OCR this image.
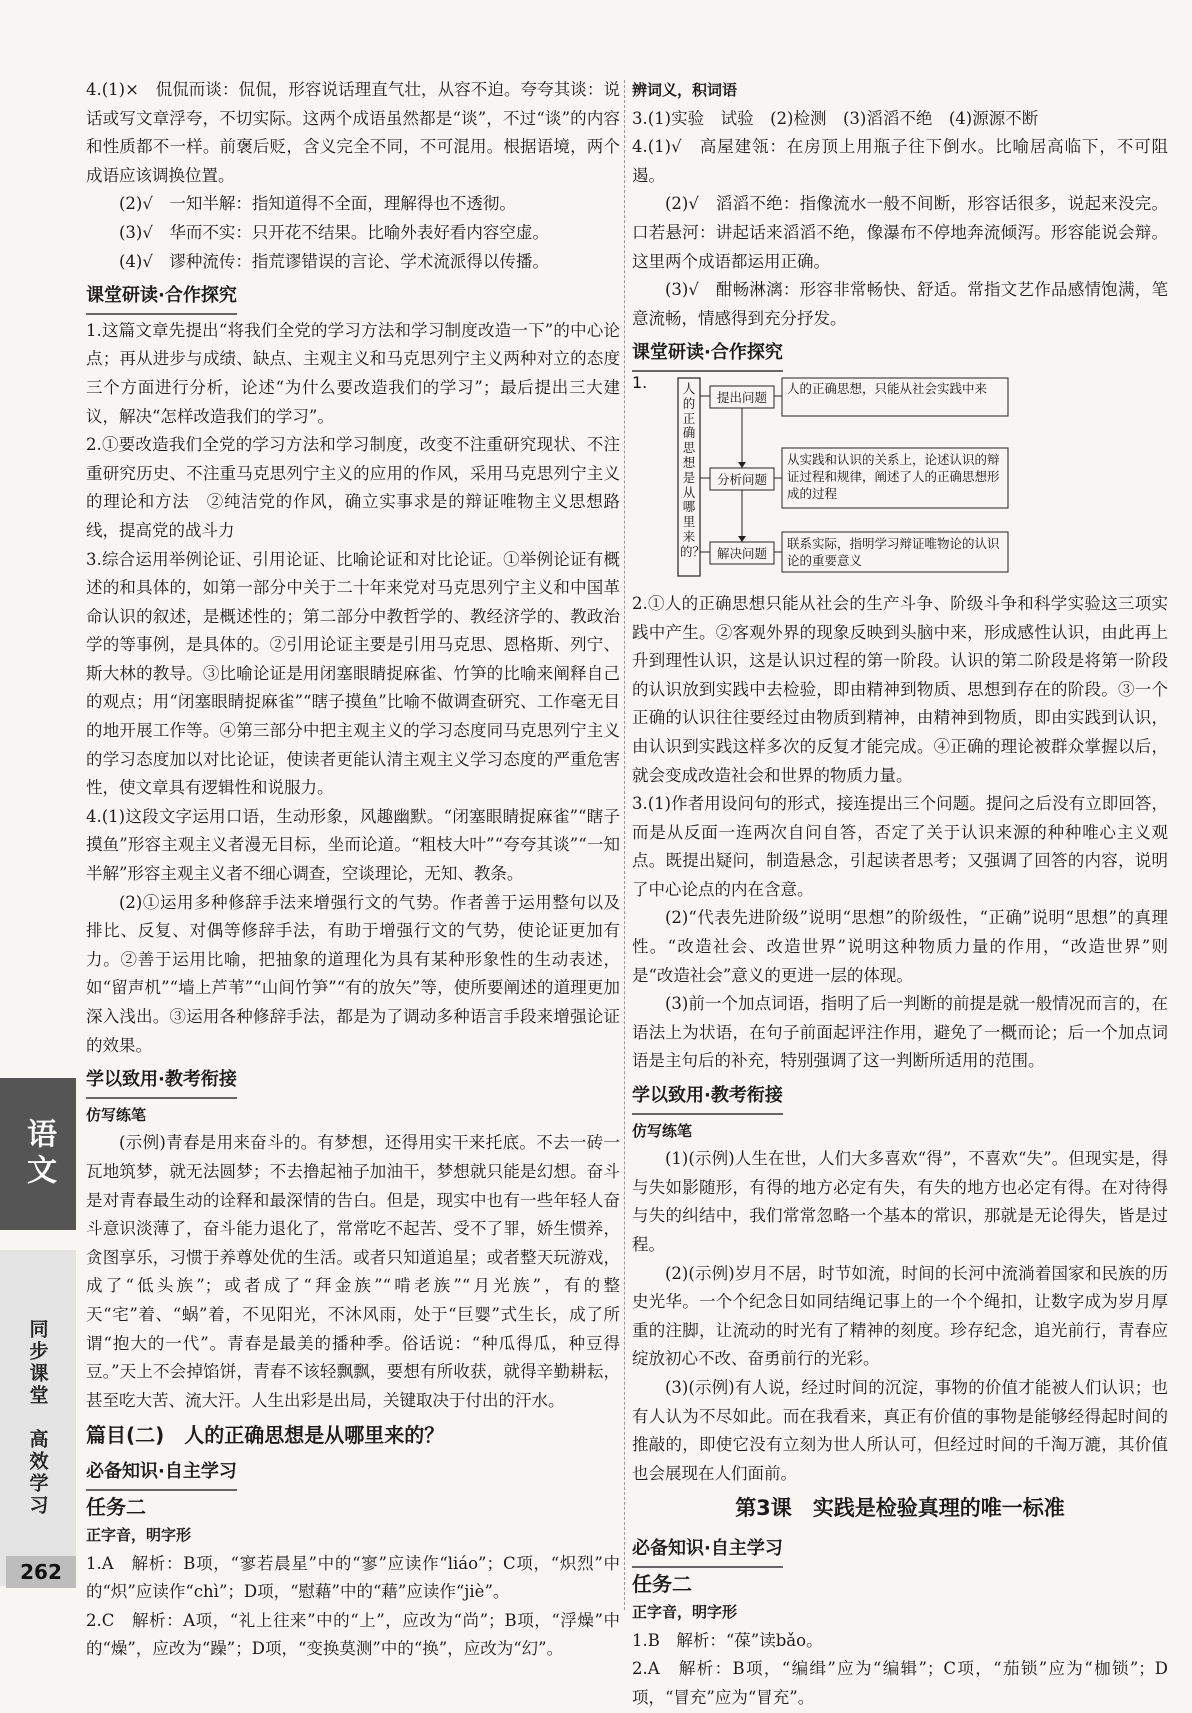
4.(1)×　侃侃而谈：侃侃，形容说话理直气壮，从容不迫。夸夸其谈：说话或写文章浮夸，不切实际。这两个成语虽然都是“谈”，不过“谈”的内容和性质都不一样。前褒后贬，含义完全不同，不可混用。根据语境，两个成语应该调换位置。

(2)√　一知半解：指知道得不全面，理解得也不透彻。

(3)√　华而不实：只开花不结果。比喻外表好看内容空虚。

(4)√　谬种流传：指荒谬错误的言论、学术流派得以传播。

课堂研读·合作探究

1.这篇文章先提出“将我们全党的学习方法和学习制度改造一下”的中心论点；再从进步与成绩、缺点、主观主义和马克思列宁主义两种对立的态度三个方面进行分析，论述“为什么要改造我们的学习”；最后提出三大建议，解决“怎样改造我们的学习”。

2.①要改造我们全党的学习方法和学习制度，改变不注重研究现状、不注重研究历史、不注重马克思列宁主义的应用的作风，采用马克思列宁主义的理论和方法　②纯洁党的作风，确立实事求是的辩证唯物主义思想路线，提高党的战斗力

3.综合运用举例论证、引用论证、比喻论证和对比论证。①举例论证有概述的和具体的，如第一部分中关于二十年来党对马克思列宁主义和中国革命认识的叙述，是概述性的；第二部分中教哲学的、教经济学的、教政治学的等事例，是具体的。②引用论证主要是引用马克思、恩格斯、列宁、斯大林的教导。③比喻论证是用闭塞眼睛捉麻雀、竹笋的比喻来阐释自己的观点；用“闭塞眼睛捉麻雀”“瞎子摸鱼”比喻不做调查研究、工作毫无目的地开展工作等。④第三部分中把主观主义的学习态度同马克思列宁主义的学习态度加以对比论证，使读者更能认清主观主义学习态度的严重危害性，使文章具有逻辑性和说服力。

4.(1)这段文字运用口语，生动形象，风趣幽默。“闭塞眼睛捉麻雀”“瞎子摸鱼”形容主观主义者漫无目标，坐而论道。“粗枝大叶”“夸夸其谈”“一知半解”形容主观主义者不细心调查，空谈理论，无知、教条。

(2)①运用多种修辞手法来增强行文的气势。作者善于运用整句以及排比、反复、对偶等修辞手法，有助于增强行文的气势，使论证更加有力。②善于运用比喻，把抽象的道理化为具有某种形象性的生动表述，如“留声机”“墙上芦苇”“山间竹笋”“有的放矢”等，使所要阐述的道理更加深入浅出。③运用各种修辞手法，都是为了调动多种语言手段来增强论证的效果。

学以致用·教考衔接

仿写练笔

(示例)青春是用来奋斗的。有梦想，还得用实干来托底。不去一砖一瓦地筑梦，就无法圆梦；不去撸起袖子加油干，梦想就只能是幻想。奋斗是对青春最生动的诠释和最深情的告白。但是，现实中也有一些年轻人奋斗意识淡薄了，奋斗能力退化了，常常吃不起苦、受不了罪，娇生惯养，贪图享乐，习惯于养尊处优的生活。或者只知道追星；或者整天玩游戏，成了“低头族”；或者成了“拜金族”“啃老族”“月光族”，有的整天“宅”着、“蜗”着，不见阳光，不沐风雨，处于“巨婴”式生长，成了所谓“抱大的一代”。青春是最美的播种季。俗话说：“种瓜得瓜，种豆得豆。”天上不会掉馅饼，青春不该轻飘飘，要想有所收获，就得辛勤耕耘，甚至吃大苦、流大汗。人生出彩是出局，关键取决于付出的汗水。

篇目(二)　人的正确思想是从哪里来的？

必备知识·自主学习

任务二

正字音，明字形

1.A　解析：B项，“寥若晨星”中的“寥”应读作“liáo”；C项，“炽烈”中的“炽”应读作“chì”；D项，“慰藉”中的“藉”应读作“jiè”。

2.C　解析：A项，“礼上往来”中的“上”，应改为“尚”；B项，“浮燥”中的“燥”，应改为“躁”；D项，“变换莫测”中的“换”，应改为“幻”。

辨词义，积词语

3.(1)实验　试验　(2)检测　(3)滔滔不绝　(4)源源不断

4.(1)√　高屋建瓴：在房顶上用瓶子往下倒水。比喻居高临下，不可阻遏。

(2)√　滔滔不绝：指像流水一般不间断，形容话很多，说起来没完。口若悬河：讲起话来滔滔不绝，像瀑布不停地奔流倾泻。形容能说会辩。这里两个成语都运用正确。

(3)√　酣畅淋漓：形容非常畅快、舒适。常指文艺作品感情饱满，笔意流畅，情感得到充分抒发。

课堂研读·合作探究

1.	人的正确思想是从哪里来的？
提出问题
分析问题
解决问题
人的正确思想，只能从社会实践中来
从实践和认识的关系上，论述认识的辩证过程和规律，阐述了人的正确思想形成的过程
联系实际，指明学习辩证唯物论的认识论的重要意义

2.①人的正确思想只能从社会的生产斗争、阶级斗争和科学实验这三项实践中产生。②客观外界的现象反映到头脑中来，形成感性认识，由此再上升到理性认识，这是认识过程的第一阶段。认识的第二阶段是将第一阶段的认识放到实践中去检验，即由精神到物质、思想到存在的阶段。③一个正确的认识往往要经过由物质到精神，由精神到物质，即由实践到认识，由认识到实践这样多次的反复才能完成。④正确的理论被群众掌握以后，就会变成改造社会和世界的物质力量。

3.(1)作者用设问句的形式，接连提出三个问题。提问之后没有立即回答，而是从反面一连两次自问自答，否定了关于认识来源的种种唯心主义观点。既提出疑问，制造悬念，引起读者思考；又强调了回答的内容，说明了中心论点的内在含意。

(2)“代表先进阶级”说明“思想”的阶级性，“正确”说明“思想”的真理性。“改造社会、改造世界”说明这种物质力量的作用，“改造世界”则是“改造社会”意义的更进一层的体现。

(3)前一个加点词语，指明了后一判断的前提是就一般情况而言的，在语法上为状语，在句子前面起评注作用，避免了一概而论；后一个加点词语是主句后的补充，特别强调了这一判断所适用的范围。

学以致用·教考衔接

仿写练笔

(1)(示例)人生在世，人们大多喜欢“得”，不喜欢“失”。但现实是，得与失如影随形，有得的地方必定有失，有失的地方也必定有得。在对待得与失的纠结中，我们常常忽略一个基本的常识，那就是无论得失，皆是过程。

(2)(示例)岁月不居，时节如流，时间的长河中流淌着国家和民族的历史光华。一个个纪念日如同结绳记事上的一个个绳扣，让数字成为岁月厚重的注脚，让流动的时光有了精神的刻度。珍存纪念，追光前行，青春应绽放初心不改、奋勇前行的光彩。

(3)(示例)有人说，经过时间的沉淀，事物的价值才能被人们认识；也有人认为不尽如此。而在我看来，真正有价值的事物是能够经得起时间的推敲的，即使它没有立刻为世人所认可，但经过时间的千淘万漉，其价值也会展现在人们面前。

第3课　实践是检验真理的唯一标准

必备知识·自主学习

任务二

正字音，明字形

1.B　解析：“葆”读bǎo。

2.A　解析：B项，“编缉”应为“编辑”；C项，“茄锁”应为“枷锁”；D项，“冒充”应为“冒充”。

语文
同步课堂　高效学习
262
